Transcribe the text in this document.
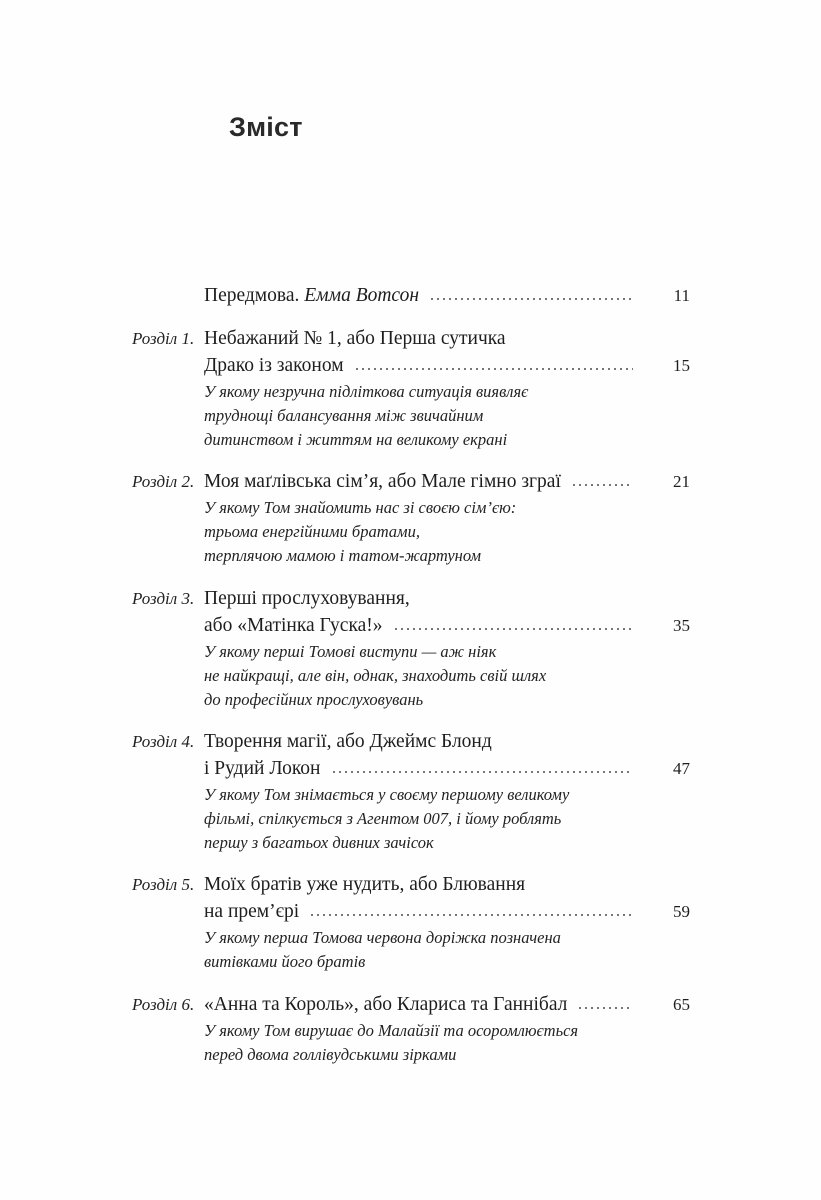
Зміст
Передмова. Емма Вотсон	11
Розділ 1. Небажаний № 1, або Перша сутичка
Драко із законом	15
У якому незручна підліткова ситуація виявляє
труднощі балансування між звичайним
дитинством і життям на великому екрані
Розділ 2. Моя маґлівська сім’я, або Мале гімно зграї	21
У якому Том знайомить нас зі своєю сім’єю:
трьома енергійними братами,
терплячою мамою і татом-жартуном
Розділ 3. Перші прослуховування,
або «Матінка Гуска!»	35
У якому перші Томові виступи — аж ніяк
не найкращі, але він, однак, знаходить свій шлях
до професійних прослуховувань
Розділ 4. Творення магії, або Джеймс Блонд
і Рудий Локон	47
У якому Том знімається у своєму першому великому
фільмі, спілкується з Агентом 007, і йому роблять
першу з багатьох дивних зачісок
Розділ 5. Моїх братів уже нудить, або Блювання
на прем’єрі	59
У якому перша Томова червона доріжка позначена
витівками його братів
Розділ 6. «Анна та Король», або Клариса та Ганнібал	65
У якому Том вирушає до Малайзії та осоромлюється
перед двома голлівудськими зірками
